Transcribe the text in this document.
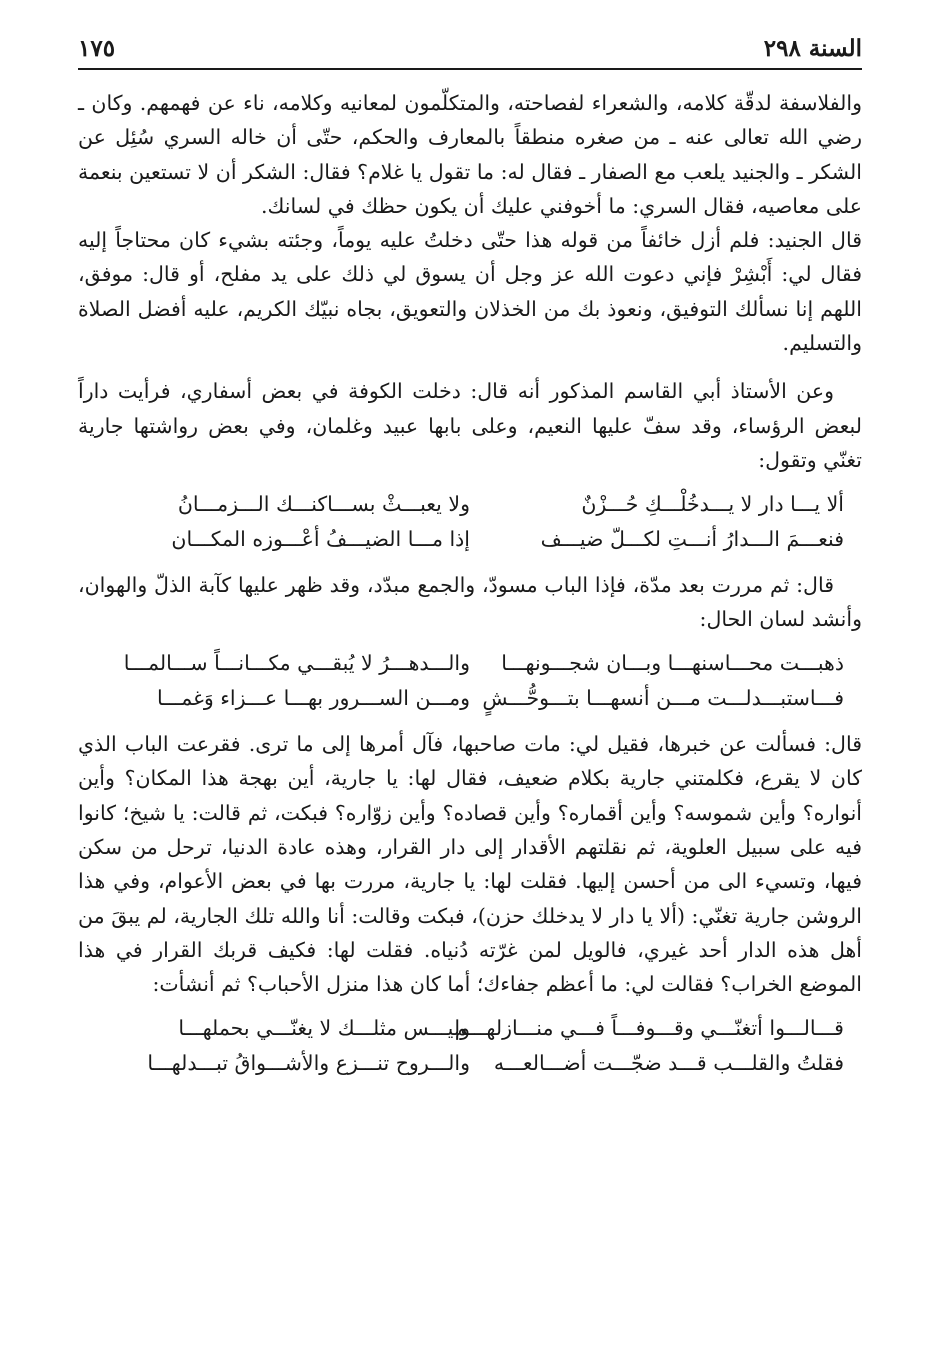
السنة ٢٩٨
١٧٥

والفلاسفة لدقّة كلامه، والشعراء لفصاحته، والمتكلّمون لمعانيه وكلامه، ناء عن فهمهم. وكان ـ رضي الله تعالى عنه ـ من صغره منطقاً بالمعارف والحكم، حتّى أن خاله السري سُئِل عن الشكر ـ والجنيد يلعب مع الصفار ـ فقال له: ما تقول يا غلام؟ فقال: الشكر أن لا تستعين بنعمة على معاصيه، فقال السري: ما أخوفني عليك أن يكون حظك في لسانك.

قال الجنيد: فلم أزل خائفاً من قوله هذا حتّى دخلتُ عليه يوماً، وجئته بشيء كان محتاجاً إليه فقال لي: أَبْشِرْ فإني دعوت الله عز وجل أن يسوق لي ذلك على يد مفلح، أو قال: موفق، اللهم إنا نسألك التوفيق، ونعوذ بك من الخذلان والتعويق، بجاه نبيّك الكريم، عليه أفضل الصلاة والتسليم.

وعن الأستاذ أبي القاسم المذكور أنه قال: دخلت الكوفة في بعض أسفاري، فرأيت داراً لبعض الرؤساء، وقد سفّ عليها النعيم، وعلى بابها عبيد وغلمان، وفي بعض رواشتها جارية تغنّي وتقول:

ألا يـــا دار لا يـــدخُلْـــكِ حُـــزْنٌ
ولا يعبـــثْ بســـاكنـــك الـــزمـــانُ
فنعـــمَ الـــدارُ أنـــتِ لكـــلّ ضيـــف
إذا مـــا الضيـــفُ أعْـــوزه المكـــان

قال: ثم مررت بعد مدّة، فإذا الباب مسودّ، والجمع مبدّد، وقد ظهر عليها كآبة الذلّ والهوان، وأنشد لسان الحال:

ذهبـــت محـــاسنهـــا وبـــان شجـــونهـــا
والـــدهـــرُ لا يُبقـــي مكـــانـــاً ســـالمـــا
فـــاستبـــدلـــت مـــن أنسهـــا بتـــوحُّـــشٍ
ومـــن الســـرور بهـــا عـــزاء وَغمـــا

قال: فسألت عن خبرها، فقيل لي: مات صاحبها، فآل أمرها إلى ما ترى. فقرعت الباب الذي كان لا يقرع، فكلمتني جارية بكلام ضعيف، فقال لها: يا جارية، أين بهجة هذا المكان؟ وأين أنواره؟ وأين شموسه؟ وأين أقماره؟ وأين قصاده؟ وأين زوّاره؟ فبكت، ثم قالت: يا شيخ؛ كانوا فيه على سبيل العلوية، ثم نقلتهم الأقدار إلى دار القرار، وهذه عادة الدنيا، ترحل من سكن فيها، وتسيء الى من أحسن إليها. فقلت لها: يا جارية، مررت بها في بعض الأعوام، وفي هذا الروشن جارية تغنّي: (ألا يا دار لا يدخلك حزن)، فبكت وقالت: أنا والله تلك الجارية، لم يبقَ من أهل هذه الدار أحد غيري، فالويل لمن غرّته دُنياه. فقلت لها: فكيف قربك القرار في هذا الموضع الخراب؟ فقالت لي: ما أعظم جفاءك؛ أما كان هذا منزل الأحباب؟ ثم أنشأت:

قـــالـــوا أتغنّـــي وقـــوفـــاً فـــي منـــازلهـــم
وليـــس مثلـــك لا يغنّـــي بحملهـــا
فقلتُ والقلـــب قـــد ضجّـــت أضـــالعـــه
والـــروح تنـــزع والأشـــواقُ تبـــدلهـــا
